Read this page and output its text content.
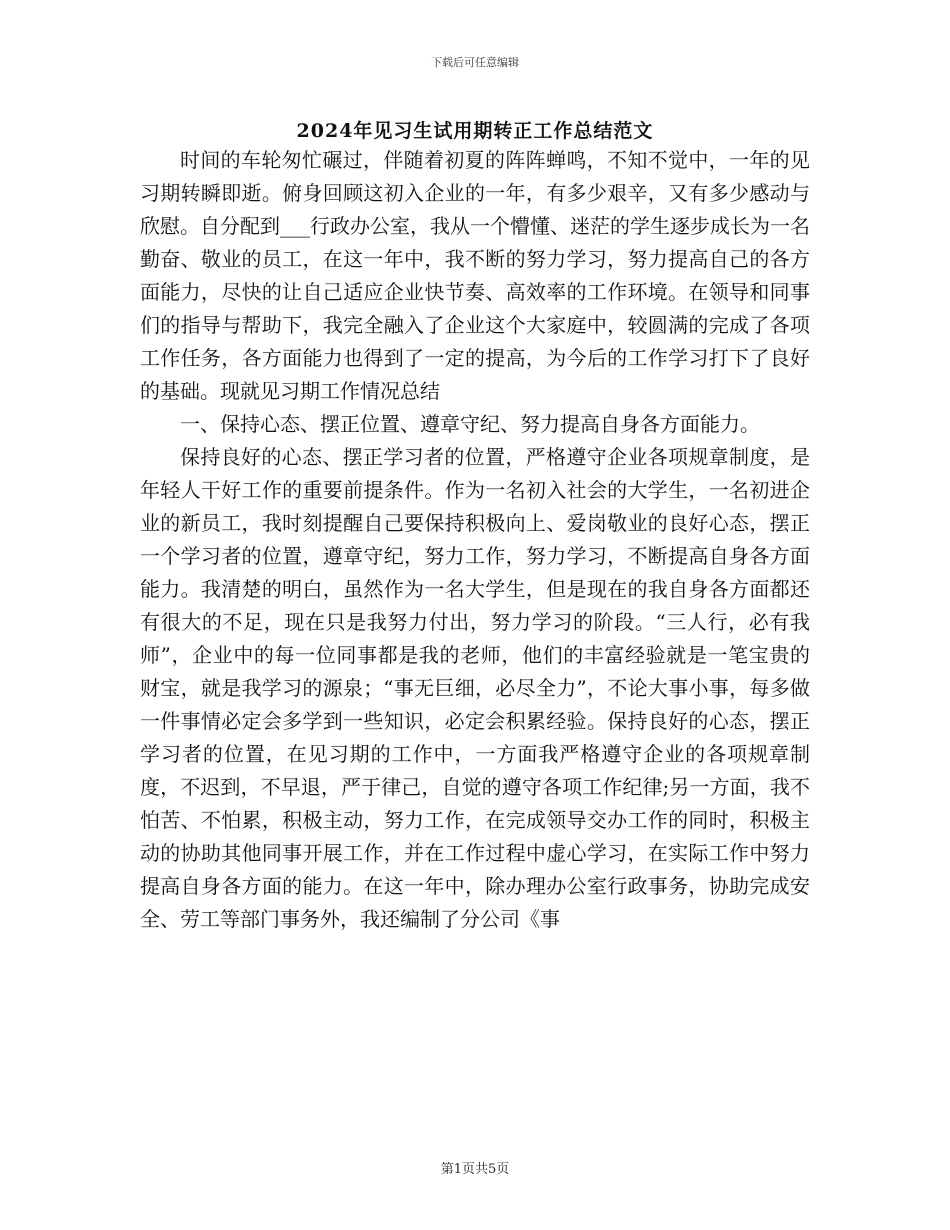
下载后可任意编辑
2024年见习生试用期转正工作总结范文

时间的车轮匆忙碾过，伴随着初夏的阵阵蝉鸣，不知不觉中，一年的见习期转瞬即逝。俯身回顾这初入企业的一年，有多少艰辛，又有多少感动与欣慰。自分配到___行政办公室，我从一个懵懂、迷茫的学生逐步成长为一名勤奋、敬业的员工，在这一年中，我不断的努力学习，努力提高自己的各方面能力，尽快的让自己适应企业快节奏、高效率的工作环境。在领导和同事们的指导与帮助下，我完全融入了企业这个大家庭中，较圆满的完成了各项工作任务，各方面能力也得到了一定的提高，为今后的工作学习打下了良好的基础。现就见习期工作情况总结

一、保持心态、摆正位置、遵章守纪、努力提高自身各方面能力。

保持良好的心态、摆正学习者的位置，严格遵守企业各项规章制度，是年轻人干好工作的重要前提条件。作为一名初入社会的大学生，一名初进企业的新员工，我时刻提醒自己要保持积极向上、爱岗敬业的良好心态，摆正一个学习者的位置，遵章守纪，努力工作，努力学习，不断提高自身各方面能力。我清楚的明白，虽然作为一名大学生，但是现在的我自身各方面都还有很大的不足，现在只是我努力付出，努力学习的阶段。“三人行，必有我师”，企业中的每一位同事都是我的老师，他们的丰富经验就是一笔宝贵的财宝，就是我学习的源泉；“事无巨细，必尽全力”，不论大事小事，每多做一件事情必定会多学到一些知识，必定会积累经验。保持良好的心态，摆正学习者的位置，在见习期的工作中，一方面我严格遵守企业的各项规章制度，不迟到，不早退，严于律己，自觉的遵守各项工作纪律;另一方面，我不怕苦、不怕累，积极主动，努力工作，在完成领导交办工作的同时，积极主动的协助其他同事开展工作，并在工作过程中虚心学习，在实际工作中努力提高自身各方面的能力。在这一年中，除办理办公室行政事务，协助完成安全、劳工等部门事务外，我还编制了分公司《事

第1页共5页
